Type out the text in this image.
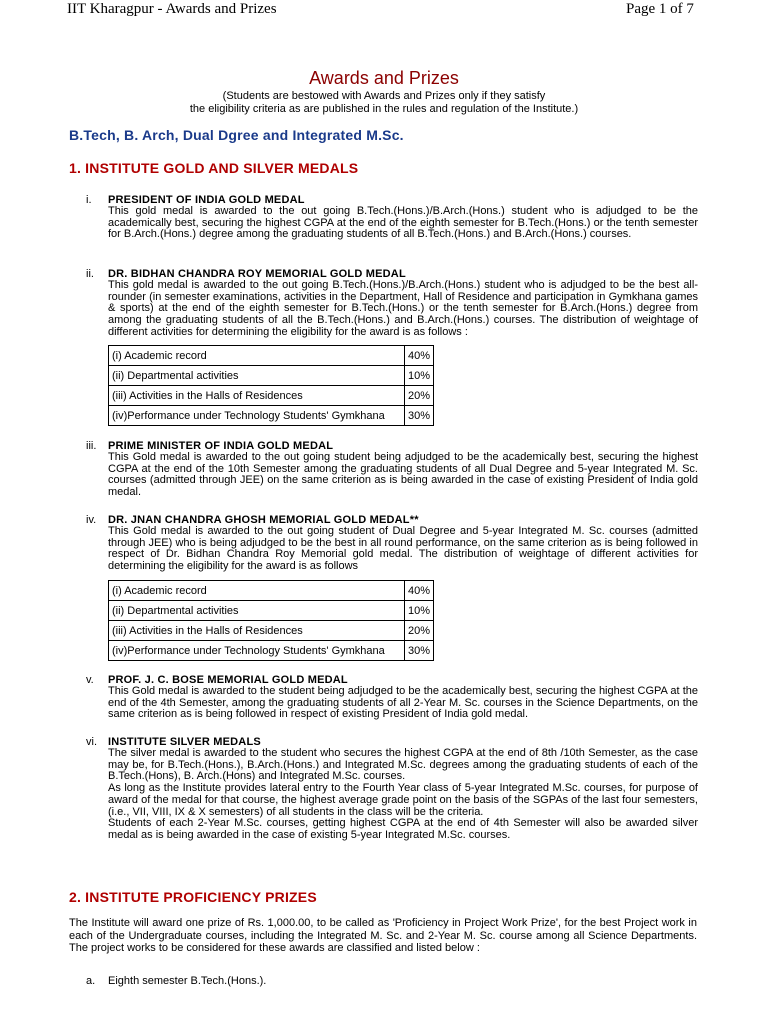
IIT Kharagpur - Awards and Prizes	Page 1 of 7
Awards and Prizes
(Students are bestowed with Awards and Prizes only if they satisfy
the eligibility criteria as are published in the rules and regulation of the Institute.)
B.Tech, B. Arch, Dual Dgree and Integrated M.Sc.
1. INSTITUTE GOLD AND SILVER MEDALS
i.	PRESIDENT OF INDIA GOLD MEDAL
This gold medal is awarded to the out going B.Tech.(Hons.)/B.Arch.(Hons.) student who is adjudged to be the academically best, securing the highest CGPA at the end of the eighth semester for B.Tech.(Hons.) or the tenth semester for B.Arch.(Hons.) degree among the graduating students of all B.Tech.(Hons.) and B.Arch.(Hons.) courses.
ii.	DR. BIDHAN CHANDRA ROY MEMORIAL GOLD MEDAL
This gold medal is awarded to the out going B.Tech.(Hons.)/B.Arch.(Hons.) student who is adjudged to be the best all-rounder (in semester examinations, activities in the Department, Hall of Residence and participation in Gymkhana games & sports) at the end of the eighth semester for B.Tech.(Hons.) or the tenth semester for B.Arch.(Hons.) degree from among the graduating students of all the B.Tech.(Hons.) and B.Arch.(Hons.) courses. The distribution of weightage of different activities for determining the eligibility for the award is as follows :
(i) Academic record	40%
(ii) Departmental activities	10%
(iii) Activities in the Halls of Residences	20%
(iv)Performance under Technology Students' Gymkhana	30%
iii.	PRIME MINISTER OF INDIA GOLD MEDAL
This Gold medal is awarded to the out going student being adjudged to be the academically best, securing the highest CGPA at the end of the 10th Semester among the graduating students of all Dual Degree and 5-year Integrated M. Sc. courses (admitted through JEE) on the same criterion as is being awarded in the case of existing President of India gold medal.
iv.	DR. JNAN CHANDRA GHOSH MEMORIAL GOLD MEDAL**
This Gold medal is awarded to the out going student of Dual Degree and 5-year Integrated M. Sc. courses (admitted through JEE) who is being adjudged to be the best in all round performance, on the same criterion as is being followed in respect of Dr. Bidhan Chandra Roy Memorial gold medal. The distribution of weightage of different activities for determining the eligibility for the award is as follows
(i) Academic record	40%
(ii) Departmental activities	10%
(iii) Activities in the Halls of Residences	20%
(iv)Performance under Technology Students' Gymkhana	30%
v.	PROF. J. C. BOSE MEMORIAL GOLD MEDAL
This Gold medal is awarded to the student being adjudged to be the academically best, securing the highest CGPA at the end of the 4th Semester, among the graduating students of all 2-Year M. Sc. courses in the Science Departments, on the same criterion as is being followed in respect of existing President of India gold medal.
vi.	INSTITUTE SILVER MEDALS

The silver medal is awarded to the student who secures the highest CGPA at the end of 8th /10th Semester, as the case may be, for B.Tech.(Hons.), B.Arch.(Hons.) and Integrated M.Sc. degrees among the graduating students of each of the B.Tech.(Hons), B. Arch.(Hons) and Integrated M.Sc. courses.

As long as the Institute provides lateral entry to the Fourth Year class of 5-year Integrated M.Sc. courses, for purpose of award of the medal for that course, the highest average grade point on the basis of the SGPAs of the last four semesters, (i.e., VII, VIII, IX & X semesters) of all students in the class will be the criteria.

Students of each 2-Year M.Sc. courses, getting highest CGPA at the end of 4th Semester will also be awarded silver medal as is being awarded in the case of existing 5-year Integrated M.Sc. courses.

2. INSTITUTE PROFICIENCY PRIZES
The Institute will award one prize of Rs. 1,000.00, to be called as 'Proficiency in Project Work Prize', for the best Project work in each of the Undergraduate courses, including the Integrated M. Sc. and 2-Year M. Sc. course among all Science Departments. The project works to be considered for these awards are classified and listed below :
a. Eighth semester B.Tech.(Hons.).
